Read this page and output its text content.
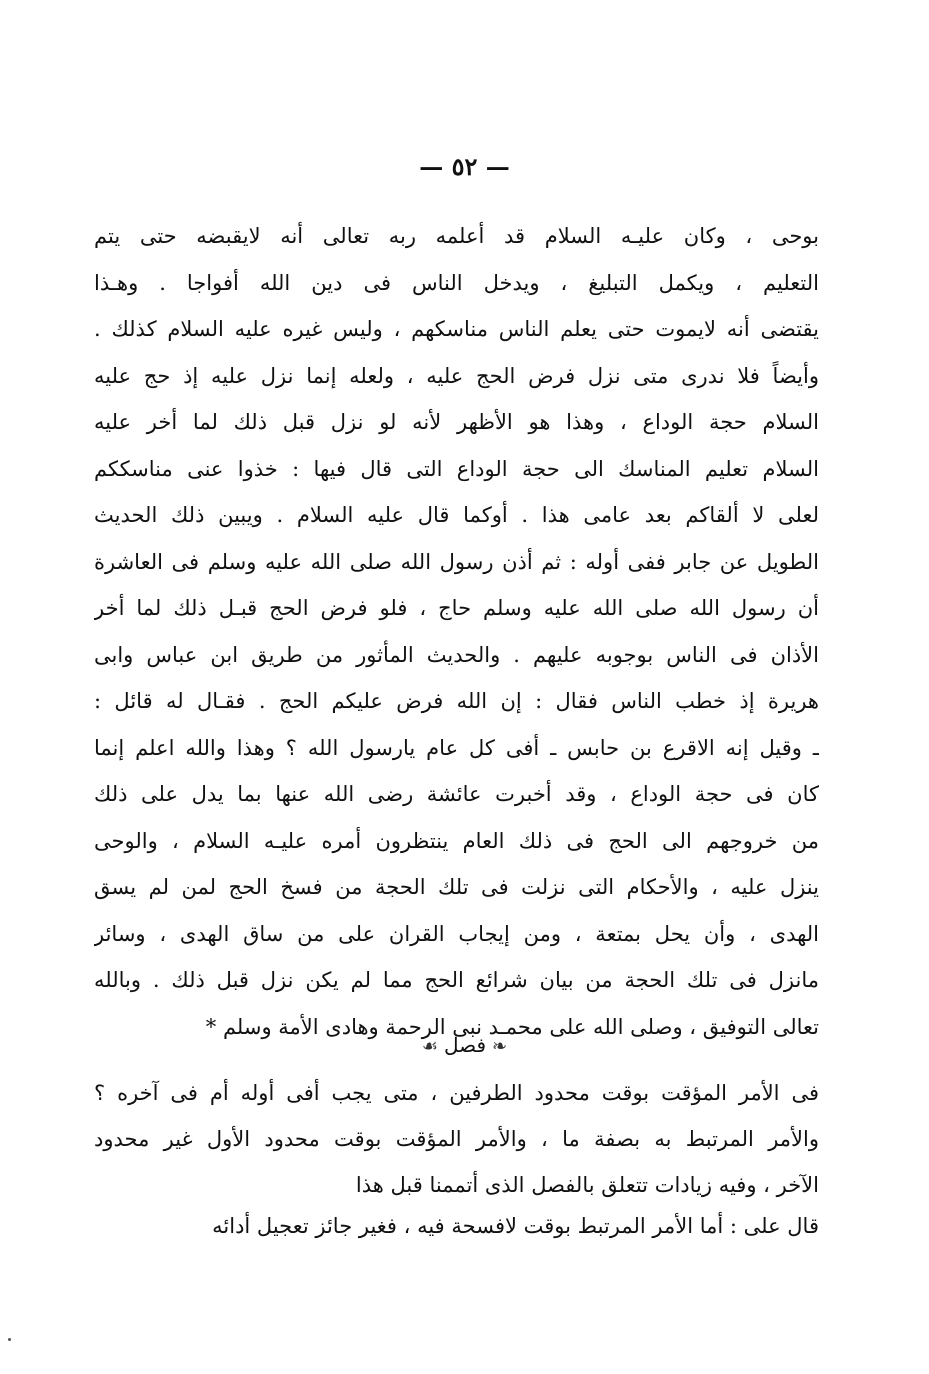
— ٥٢ —
بوحى ، وكان عليـه السلام قد أعلمه ربه تعالى أنه لايقبضه حتى يتم
التعليم ، ويكمل التبليغ ، ويدخل الناس فى دين الله أفواجا . وهـذا
يقتضى أنه لايموت حتى يعلم الناس مناسكهم ، وليس غيره عليه السلام كذلك .
وأيضاً فلا ندرى متى نزل فرض الحج عليه ، ولعله إنما نزل عليه إذ حج عليه
السلام حجة الوداع ، وهذا هو الأظهر لأنه لو نزل قبل ذلك لما أخر عليه
السلام تعليم المناسك الى حجة الوداع التى قال فيها : خذوا عنى مناسككم
لعلى لا ألقاكم بعد عامى هذا . أوكما قال عليه السلام . ويبين ذلك الحديث
الطويل عن جابر ففى أوله : ثم أذن رسول الله صلى الله عليه وسلم فى العاشرة
أن رسول الله صلى الله عليه وسلم حاج ، فلو فرض الحج قبـل ذلك لما أخر
الأذان فى الناس بوجوبه عليهم . والحديث المأثور من طريق ابن عباس وابى
هريرة إذ خطب الناس فقال : إن الله فرض عليكم الحج . فقـال له قائل :
ـ وقيل إنه الاقرع بن حابس ـ أفى كل عام يارسول الله ؟ وهذا والله اعلم إنما
كان فى حجة الوداع ، وقد أخبرت عائشة رضى الله عنها بما يدل على ذلك
من خروجهم الى الحج فى ذلك العام ينتظرون أمره عليـه السلام ، والوحى
ينزل عليه ، والأحكام التى نزلت فى تلك الحجة من فسخ الحج لمن لم يسق
الهدى ، وأن يحل بمتعة ، ومن إيجاب القران على من ساق الهدى ، وسائر
مانزل فى تلك الحجة من بيان شرائع الحج مما لم يكن نزل قبل ذلك . وبالله
تعالى التوفيق ، وصلى الله على محمـد نبى الرحمة وهادى الأمة وسلم *
❧فصل☙
فى الأمر المؤقت بوقت محدود الطرفين ، متى يجب أفى أوله أم فى آخره ؟
والأمر المرتبط به بصفة ما ، والأمر المؤقت بوقت محدود الأول غير محدود
الآخر ، وفيه زيادات تتعلق بالفصل الذى أتممنا قبل هذا
قال على : أما الأمر المرتبط بوقت لافسحة فيه ، فغير جائز تعجيل أدائه
